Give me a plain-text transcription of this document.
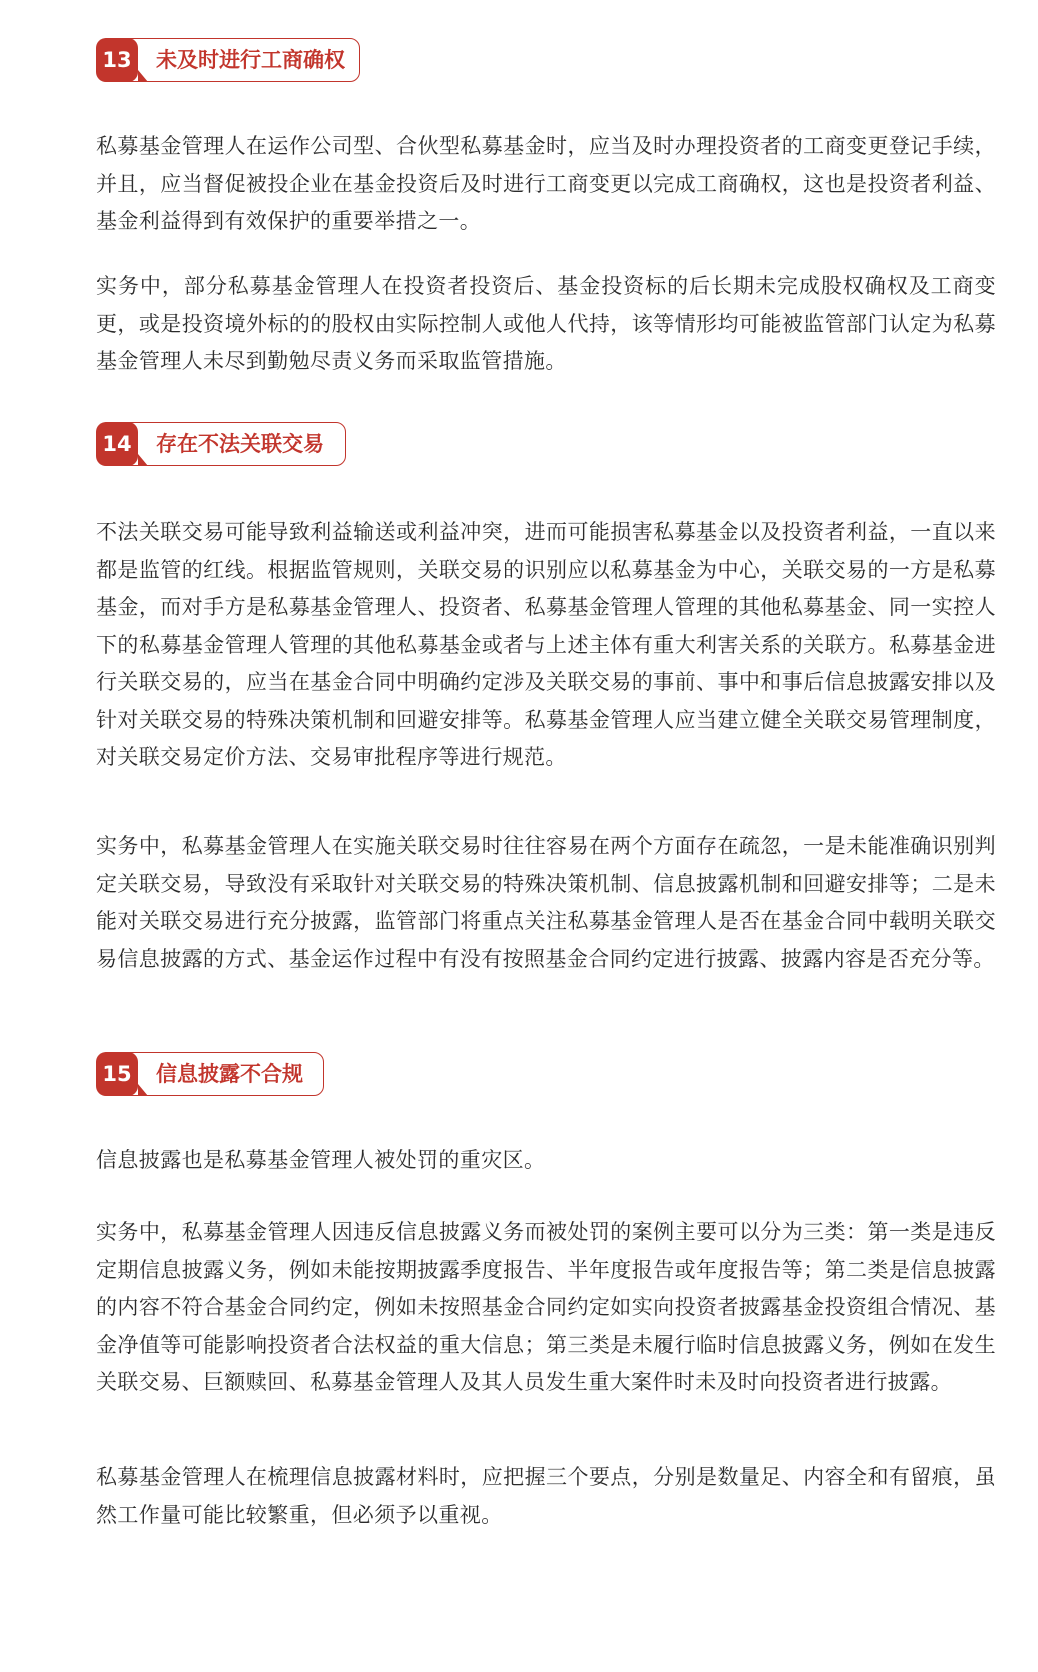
13	未及时进行工商确权

私募基金管理人在运作公司型、合伙型私募基金时，应当及时办理投资者的工商变更登记手续，并且，应当督促被投企业在基金投资后及时进行工商变更以完成工商确权，这也是投资者利益、基金利益得到有效保护的重要举措之一。

实务中，部分私募基金管理人在投资者投资后、基金投资标的后长期未完成股权确权及工商变更，或是投资境外标的的股权由实际控制人或他人代持，该等情形均可能被监管部门认定为私募基金管理人未尽到勤勉尽责义务而采取监管措施。

14	存在不法关联交易

不法关联交易可能导致利益输送或利益冲突，进而可能损害私募基金以及投资者利益，一直以来都是监管的红线。根据监管规则，关联交易的识别应以私募基金为中心，关联交易的一方是私募基金，而对手方是私募基金管理人、投资者、私募基金管理人管理的其他私募基金、同一实控人下的私募基金管理人管理的其他私募基金或者与上述主体有重大利害关系的关联方。私募基金进行关联交易的，应当在基金合同中明确约定涉及关联交易的事前、事中和事后信息披露安排以及针对关联交易的特殊决策机制和回避安排等。私募基金管理人应当建立健全关联交易管理制度，对关联交易定价方法、交易审批程序等进行规范。

实务中，私募基金管理人在实施关联交易时往往容易在两个方面存在疏忽，一是未能准确识别判定关联交易，导致没有采取针对关联交易的特殊决策机制、信息披露机制和回避安排等；二是未能对关联交易进行充分披露，监管部门将重点关注私募基金管理人是否在基金合同中载明关联交易信息披露的方式、基金运作过程中有没有按照基金合同约定进行披露、披露内容是否充分等。

15	信息披露不合规

信息披露也是私募基金管理人被处罚的重灾区。

实务中，私募基金管理人因违反信息披露义务而被处罚的案例主要可以分为三类：第一类是违反定期信息披露义务，例如未能按期披露季度报告、半年度报告或年度报告等；第二类是信息披露的内容不符合基金合同约定，例如未按照基金合同约定如实向投资者披露基金投资组合情况、基金净值等可能影响投资者合法权益的重大信息；第三类是未履行临时信息披露义务，例如在发生关联交易、巨额赎回、私募基金管理人及其人员发生重大案件时未及时向投资者进行披露。

私募基金管理人在梳理信息披露材料时，应把握三个要点，分别是数量足、内容全和有留痕，虽然工作量可能比较繁重，但必须予以重视。
